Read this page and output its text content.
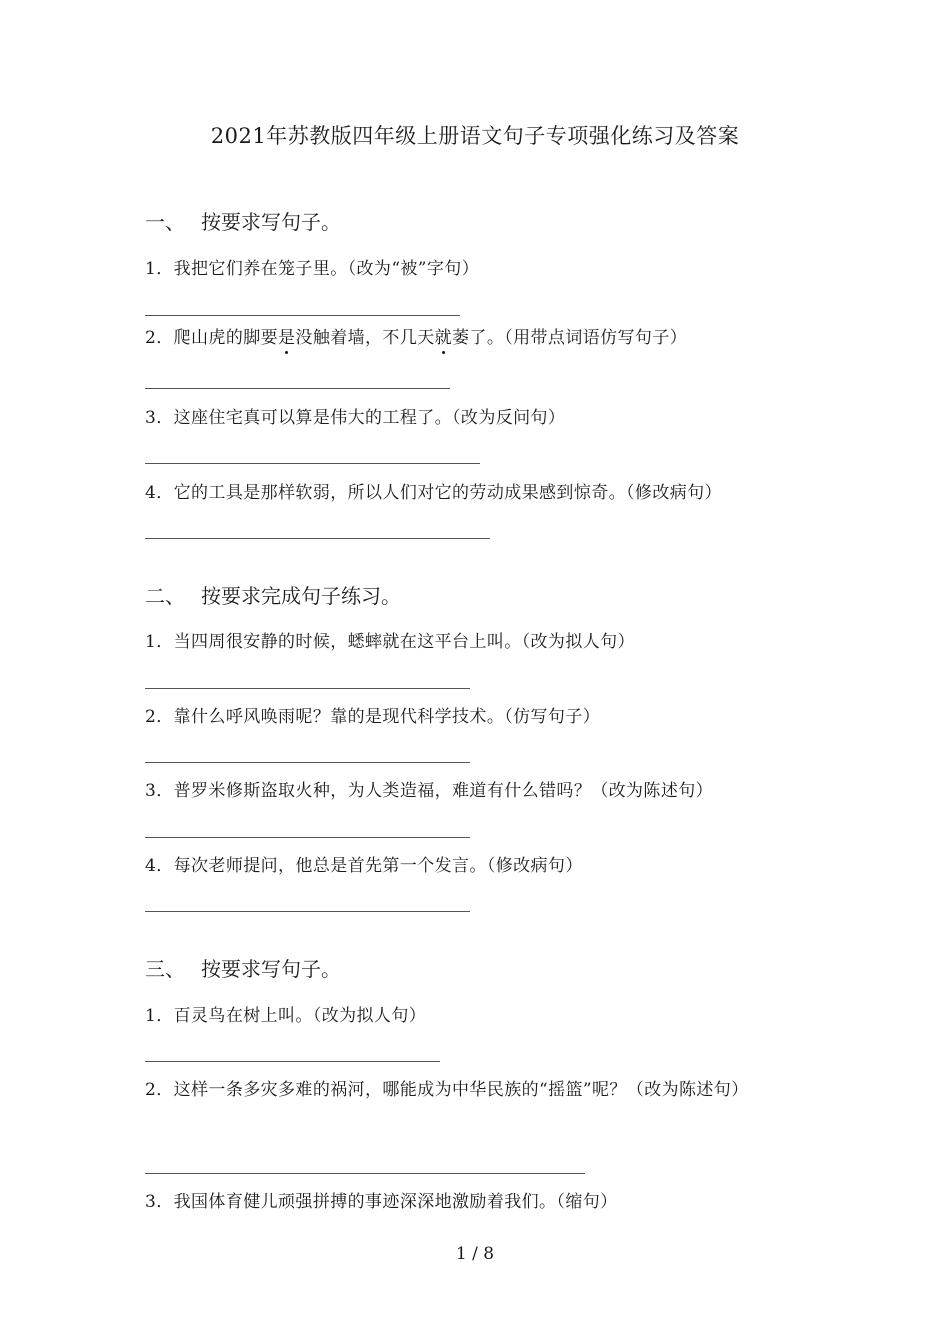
2021年苏教版四年级上册语文句子专项强化练习及答案
一、 按要求写句子。
1．我把它们养在笼子里。（改为“被”字句）
2．爬山虎的脚要是没触着墙，不几天就萎了。（用带点词语仿写句子）
3．这座住宅真可以算是伟大的工程了。（改为反问句）
4．它的工具是那样软弱，所以人们对它的劳动成果感到惊奇。（修改病句）
二、 按要求完成句子练习。
1．当四周很安静的时候，蟋蟀就在这平台上叫。（改为拟人句）
2．靠什么呼风唤雨呢？靠的是现代科学技术。（仿写句子）
3．普罗米修斯盗取火种，为人类造福，难道有什么错吗？（改为陈述句）
4．每次老师提问，他总是首先第一个发言。（修改病句）
三、 按要求写句子。
1．百灵鸟在树上叫。（改为拟人句）
2．这样一条多灾多难的祸河，哪能成为中华民族的“摇篮”呢？（改为陈述句）
3．我国体育健儿顽强拼搏的事迹深深地激励着我们。（缩句）
1 / 8
